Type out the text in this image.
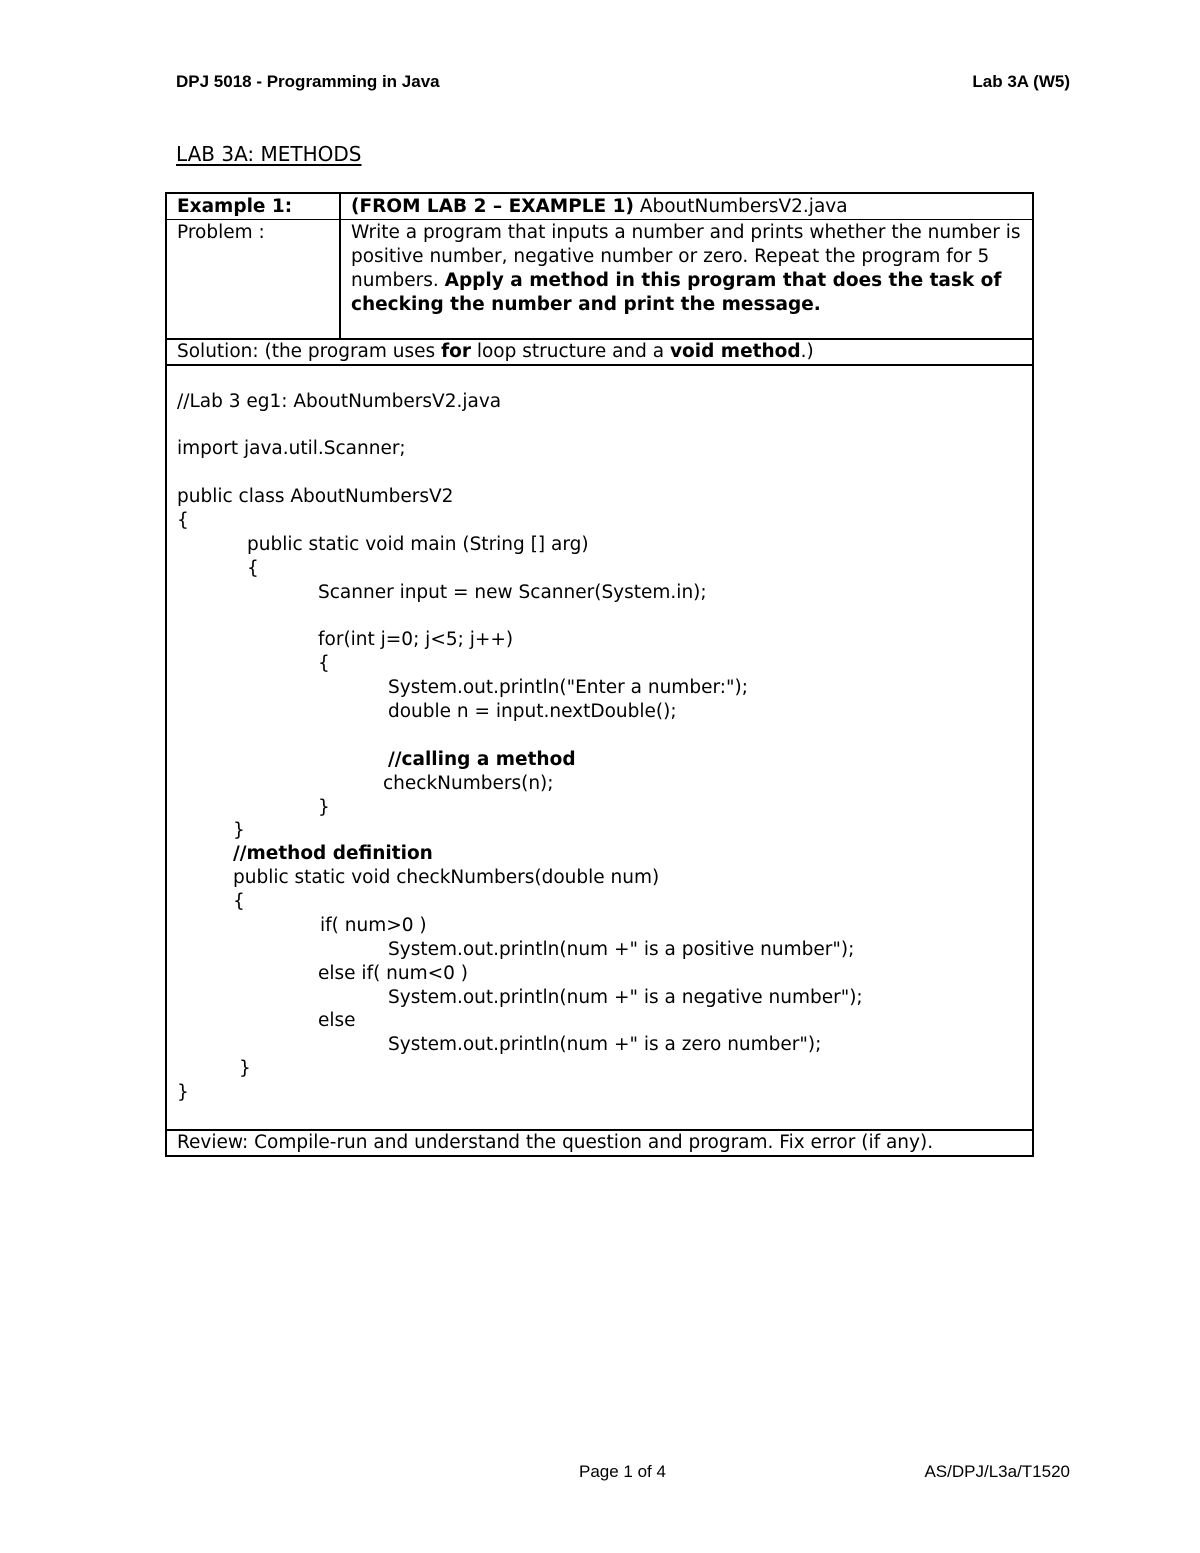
DPJ 5018 - Programming in Java	Lab 3A (W5)
LAB 3A: METHODS
Example 1:	(FROM LAB 2 – EXAMPLE 1) AboutNumbersV2.java
Problem :	Write a program that inputs a number and prints whether the number is positive number, negative number or zero. Repeat the program for 5 numbers. Apply a method in this program that does the task of checking the number and print the message.
Solution: (the program uses for loop structure and a void method.)
//Lab 3 eg1: AboutNumbersV2.java
import java.util.Scanner;
public class AboutNumbersV2
{
public static void main (String [] arg)
{
Scanner input = new Scanner(System.in);
for(int j=0; j<5; j++)
{
System.out.println("Enter a number:");
double n = input.nextDouble();
//calling a method
checkNumbers(n);
}
}
//method definition
public static void checkNumbers(double num)
{
if( num>0 )
System.out.println(num +" is a positive number");
else if( num<0 )
System.out.println(num +" is a negative number");
else
System.out.println(num +" is a zero number");
}
}
Review: Compile-run and understand the question and program. Fix error (if any).
Page 1 of 4	AS/DPJ/L3a/T1520
